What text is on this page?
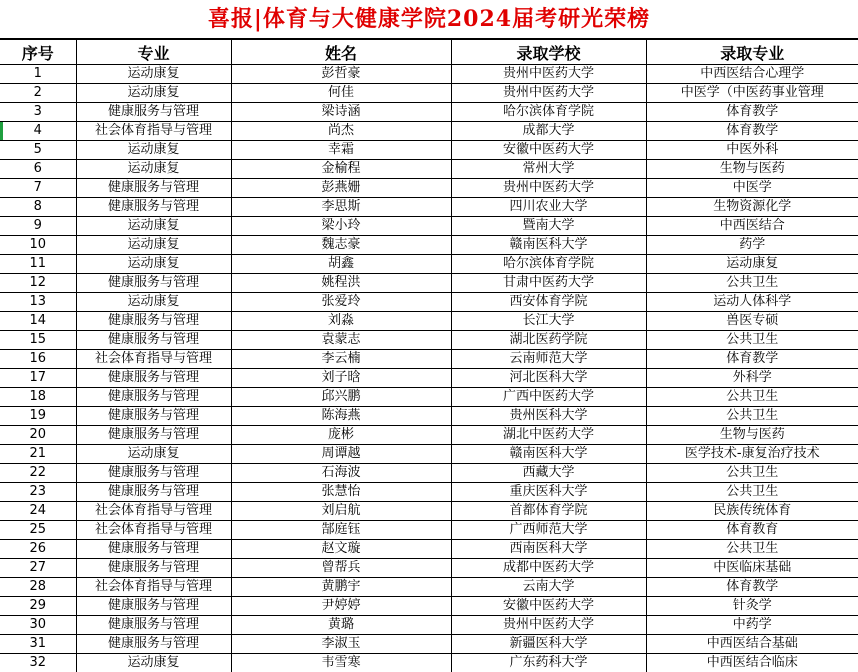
喜报|体育与大健康学院2024届考研光荣榜
序号	专业	姓名	录取学校	录取专业
1	运动康复	彭哲豪	贵州中医药大学	中西医结合心理学
2	运动康复	何佳	贵州中医药大学	中医学（中医药事业管理
3	健康服务与管理	梁诗涵	哈尔滨体育学院	体育教学
4	社会体育指导与管理	尚杰	成都大学	体育教学
5	运动康复	幸霜	安徽中医药大学	中医外科
6	运动康复	金榆程	常州大学	生物与医药
7	健康服务与管理	彭燕姗	贵州中医药大学	中医学
8	健康服务与管理	李思斯	四川农业大学	生物资源化学
9	运动康复	梁小玲	暨南大学	中西医结合
10	运动康复	魏志豪	赣南医科大学	药学
11	运动康复	胡鑫	哈尔滨体育学院	运动康复
12	健康服务与管理	姚程洪	甘肃中医药大学	公共卫生
13	运动康复	张爱玲	西安体育学院	运动人体科学
14	健康服务与管理	刘淼	长江大学	兽医专硕
15	健康服务与管理	袁蒙志	湖北医药学院	公共卫生
16	社会体育指导与管理	李云楠	云南师范大学	体育教学
17	健康服务与管理	刘子晗	河北医科大学	外科学
18	健康服务与管理	邱兴鹏	广西中医药大学	公共卫生
19	健康服务与管理	陈海燕	贵州医科大学	公共卫生
20	健康服务与管理	庞彬	湖北中医药大学	生物与医药
21	运动康复	周谭越	赣南医科大学	医学技术-康复治疗技术
22	健康服务与管理	石海波	西藏大学	公共卫生
23	健康服务与管理	张慧怡	重庆医科大学	公共卫生
24	社会体育指导与管理	刘启航	首都体育学院	民族传统体育
25	社会体育指导与管理	郜庭钰	广西师范大学	体育教育
26	健康服务与管理	赵文璇	西南医科大学	公共卫生
27	健康服务与管理	曾帮兵	成都中医药大学	中医临床基础
28	社会体育指导与管理	黄鹏宇	云南大学	体育教学
29	健康服务与管理	尹婷婷	安徽中医药大学	针灸学
30	健康服务与管理	黄璐	贵州中医药大学	中药学
31	健康服务与管理	李淑玉	新疆医科大学	中西医结合基础
32	运动康复	韦雪寒	广东药科大学	中西医结合临床
